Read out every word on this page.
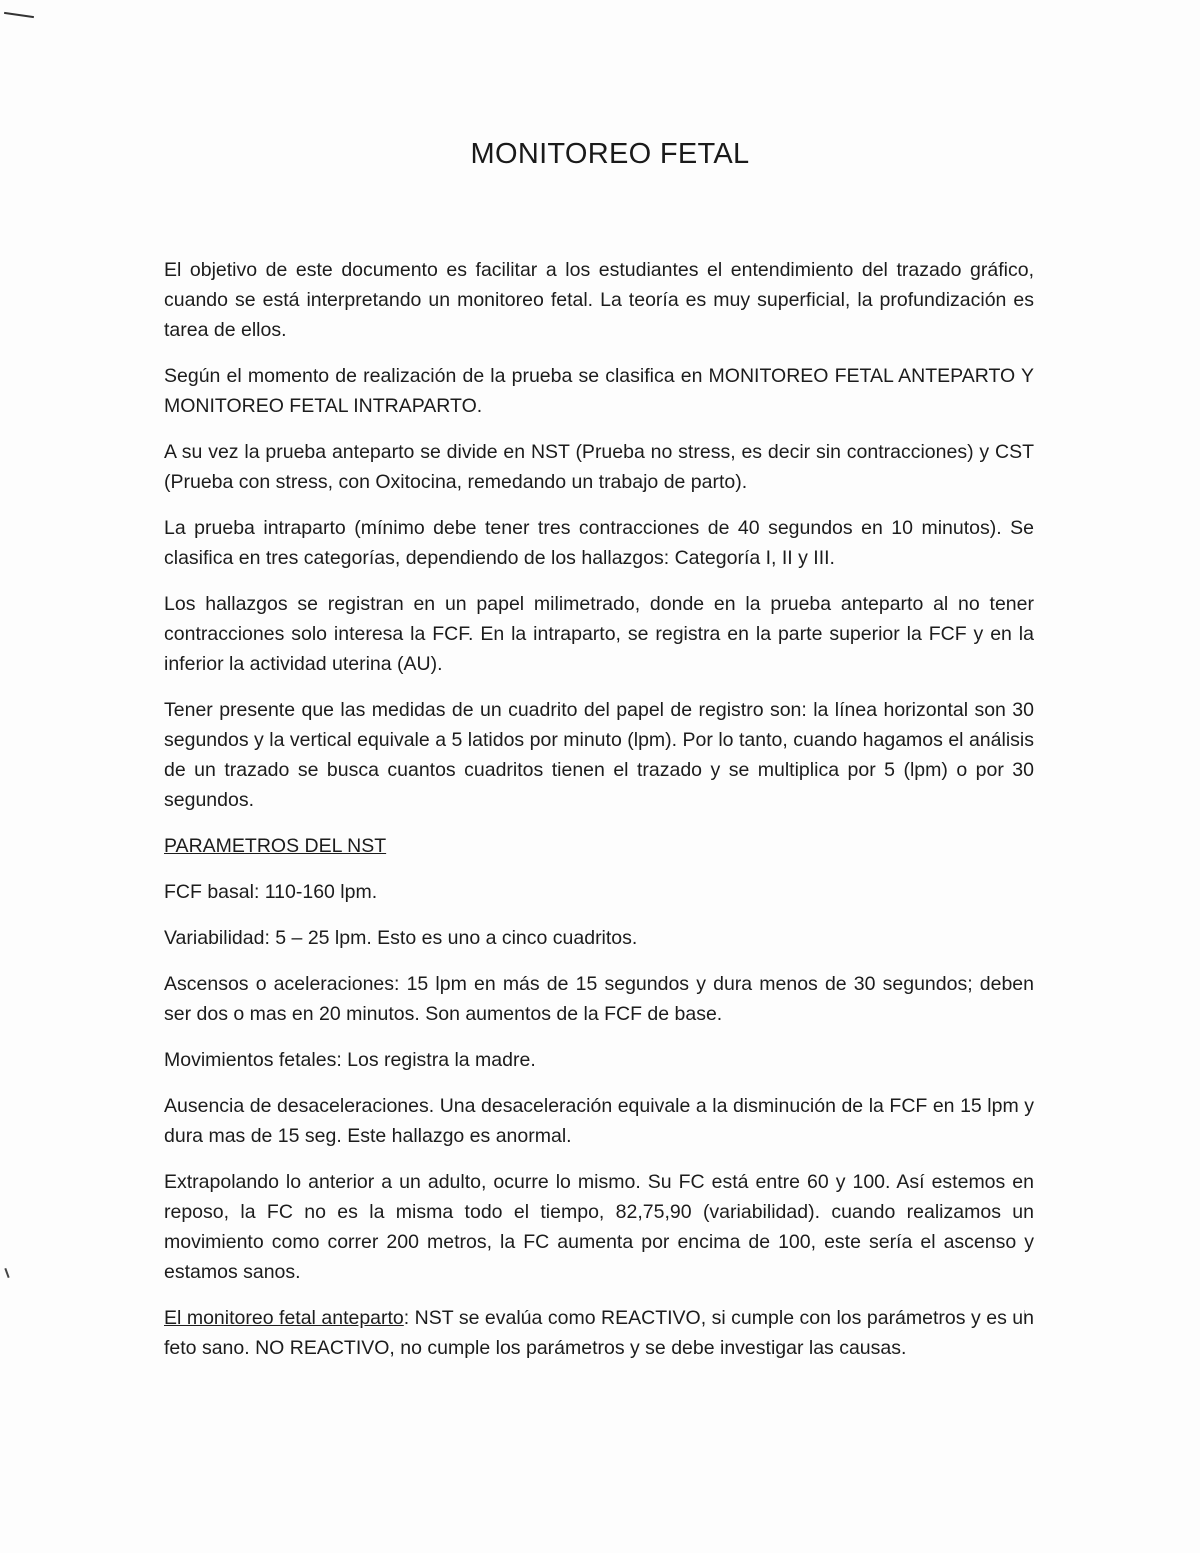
MONITOREO FETAL

El objetivo de este documento es facilitar a los estudiantes el entendimiento del trazado gráfico, cuando se está interpretando un monitoreo fetal. La teoría es muy superficial, la profundización es tarea de ellos.

Según el momento de realización de la prueba se clasifica en MONITOREO FETAL ANTEPARTO Y MONITOREO FETAL INTRAPARTO.

A su vez la prueba anteparto se divide en NST (Prueba no stress, es decir sin contracciones) y CST (Prueba con stress, con Oxitocina, remedando un trabajo de parto).

La prueba intraparto (mínimo debe tener tres contracciones de 40 segundos en 10 minutos). Se clasifica en tres categorías, dependiendo de los hallazgos: Categoría I, II y III.

Los hallazgos se registran en un papel milimetrado, donde en la prueba anteparto al no tener contracciones solo interesa la FCF. En la intraparto, se registra en la parte superior la FCF y en la inferior la actividad uterina (AU).

Tener presente que las medidas de un cuadrito del papel de registro son: la línea horizontal son 30 segundos y la vertical equivale a 5 latidos por minuto (lpm). Por lo tanto, cuando hagamos el análisis de un trazado se busca cuantos cuadritos tienen el trazado y se multiplica por 5 (lpm) o por 30 segundos.

PARAMETROS DEL NST

FCF basal: 110-160 lpm.

Variabilidad: 5 – 25 lpm. Esto es uno a cinco cuadritos.

Ascensos o aceleraciones: 15 lpm en más de 15 segundos y dura menos de 30 segundos; deben ser dos o mas en 20 minutos. Son aumentos de la FCF de base.

Movimientos fetales: Los registra la madre.

Ausencia de desaceleraciones. Una desaceleración equivale a la disminución de la FCF en 15 lpm y dura mas de 15 seg. Este hallazgo es anormal.

Extrapolando lo anterior a un adulto, ocurre lo mismo. Su FC está entre 60 y 100. Así estemos en reposo, la FC no es la misma todo el tiempo, 82,75,90 (variabilidad). cuando realizamos un movimiento como correr 200 metros, la FC aumenta por encima de 100, este sería el ascenso y estamos sanos.

El monitoreo fetal anteparto: NST se evalúa como REACTIVO, si cumple con los parámetros y es un feto sano. NO REACTIVO, no cumple los parámetros y se debe investigar las causas.
